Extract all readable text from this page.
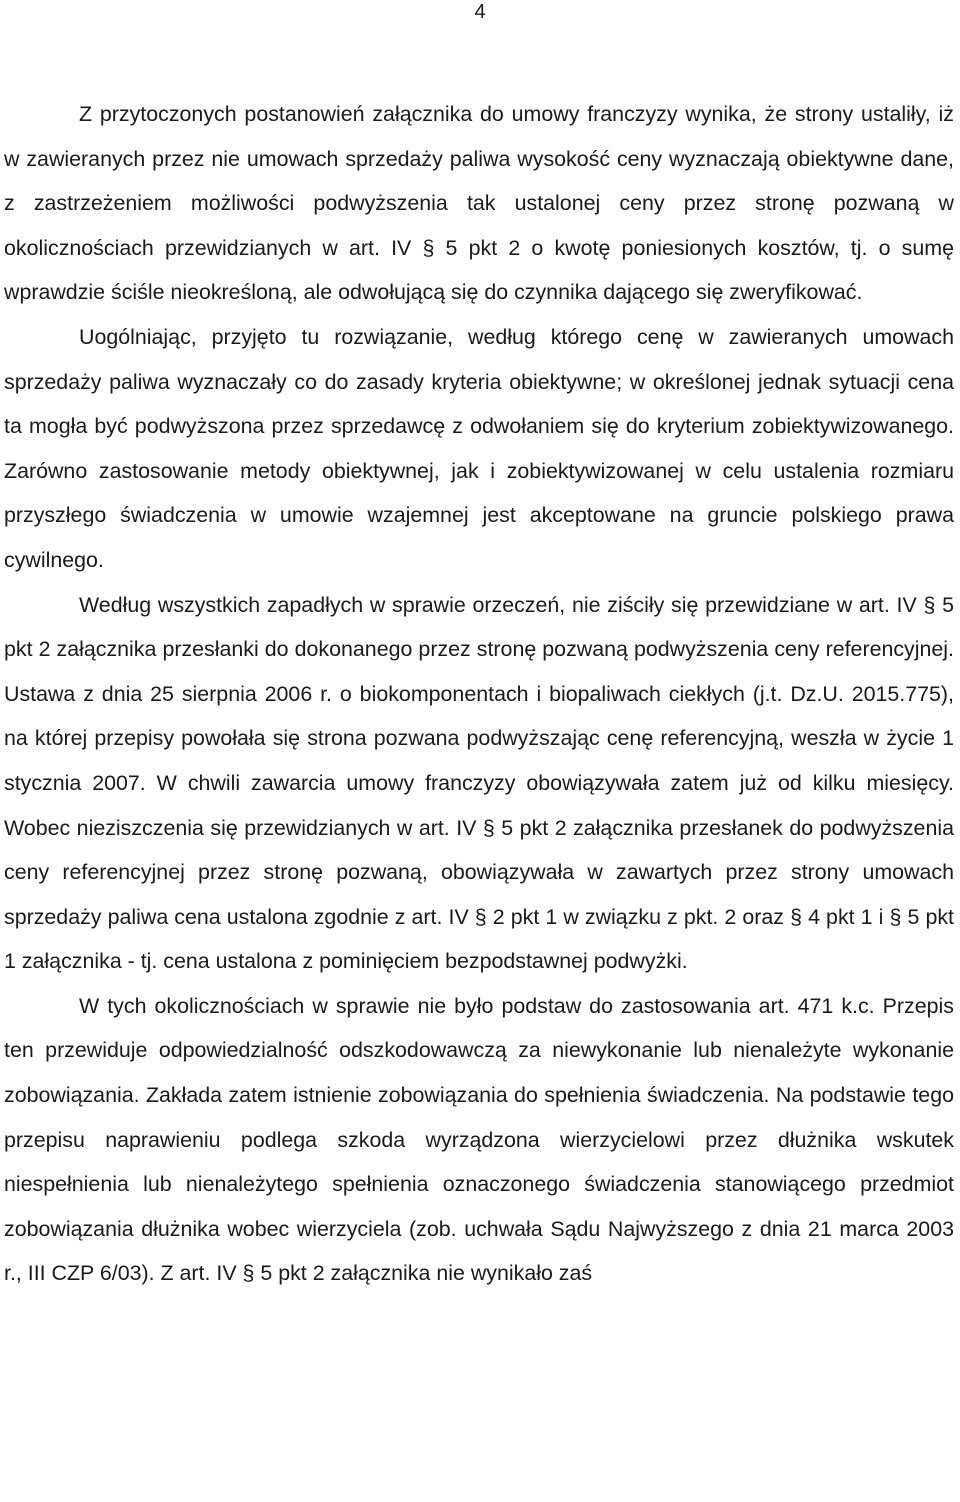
4

Z przytoczonych postanowień załącznika do umowy franczyzy wynika, że strony ustaliły, iż w zawieranych przez nie umowach sprzedaży paliwa wysokość ceny wyznaczają obiektywne dane, z zastrzeżeniem możliwości podwyższenia tak ustalonej ceny przez stronę pozwaną w okolicznościach przewidzianych w art. IV § 5 pkt 2 o kwotę poniesionych kosztów, tj. o sumę wprawdzie ściśle nieokreśloną, ale odwołującą się do czynnika dającego się zweryfikować.

Uogólniając, przyjęto tu rozwiązanie, według którego cenę w zawieranych umowach sprzedaży paliwa wyznaczały co do zasady kryteria obiektywne; w określonej jednak sytuacji cena ta mogła być podwyższona przez sprzedawcę z odwołaniem się do kryterium zobiektywizowanego. Zarówno zastosowanie metody obiektywnej, jak i zobiektywizowanej w celu ustalenia rozmiaru przyszłego świadczenia w umowie wzajemnej jest akceptowane na gruncie polskiego prawa cywilnego.

Według wszystkich zapadłych w sprawie orzeczeń, nie ziściły się przewidziane w art. IV § 5 pkt 2 załącznika przesłanki do dokonanego przez stronę pozwaną podwyższenia ceny referencyjnej. Ustawa z dnia 25 sierpnia 2006 r. o biokomponentach i biopaliwach ciekłych (j.t. Dz.U. 2015.775), na której przepisy powołała się strona pozwana podwyższając cenę referencyjną, weszła w życie 1 stycznia 2007. W chwili zawarcia umowy franczyzy obowiązywała zatem już od kilku miesięcy. Wobec nieziszczenia się przewidzianych w art. IV § 5 pkt 2 załącznika przesłanek do podwyższenia ceny referencyjnej przez stronę pozwaną, obowiązywała w zawartych przez strony umowach sprzedaży paliwa cena ustalona zgodnie z art. IV § 2 pkt 1 w związku z pkt. 2 oraz § 4 pkt 1 i § 5 pkt 1 załącznika - tj. cena ustalona z pominięciem bezpodstawnej podwyżki.

W tych okolicznościach w sprawie nie było podstaw do zastosowania art. 471 k.c. Przepis ten przewiduje odpowiedzialność odszkodowawczą za niewykonanie lub nienależyte wykonanie zobowiązania. Zakłada zatem istnienie zobowiązania do spełnienia świadczenia. Na podstawie tego przepisu naprawieniu podlega szkoda wyrządzona wierzycielowi przez dłużnika wskutek niespełnienia lub nienależytego spełnienia oznaczonego świadczenia stanowiącego przedmiot zobowiązania dłużnika wobec wierzyciela (zob. uchwała Sądu Najwyższego z dnia 21 marca 2003 r., III CZP 6/03). Z art. IV § 5 pkt 2 załącznika nie wynikało zaś
